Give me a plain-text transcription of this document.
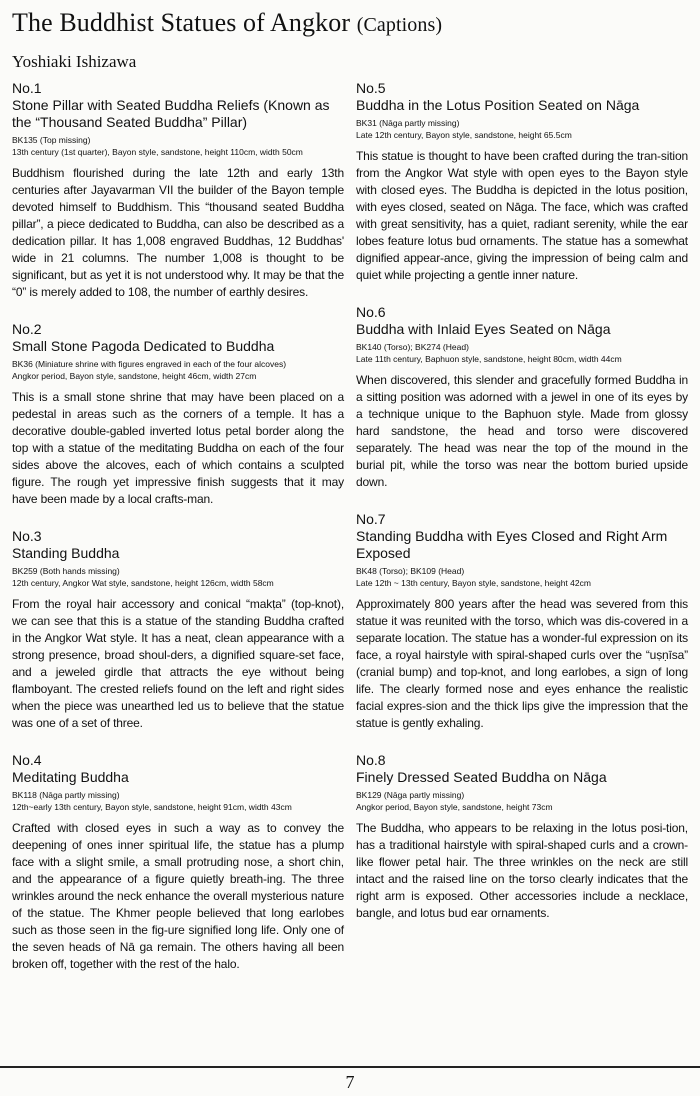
The Buddhist Statues of Angkor (Captions)
Yoshiaki Ishizawa
No.1
Stone Pillar with Seated Buddha Reliefs (Known as the “Thousand Seated Buddha” Pillar)
BK135 (Top missing)
13th century (1st quarter), Bayon style, sandstone, height 110cm, width 50cm
Buddhism flourished during the late 12th and early 13th centuries after Jayavarman VII the builder of the Bayon temple devoted himself to Buddhism. This “thousand seated Buddha pillar”, a piece dedicated to Buddha, can also be described as a dedication pillar. It has 1,008 engraved Buddhas, 12 Buddhas' wide in 21 columns. The number 1,008 is thought to be significant, but as yet it is not understood why. It may be that the “0” is merely added to 108, the number of earthly desires.
No.2
Small Stone Pagoda Dedicated to Buddha
BK36 (Miniature shrine with figures engraved in each of the four alcoves)
Angkor period, Bayon style, sandstone, height 46cm, width 27cm
This is a small stone shrine that may have been placed on a pedestal in areas such as the corners of a temple. It has a decorative double-gabled inverted lotus petal border along the top with a statue of the meditating Buddha on each of the four sides above the alcoves, each of which contains a sculpted figure. The rough yet impressive finish suggests that it may have been made by a local crafts-man.
No.3
Standing Buddha
BK259 (Both hands missing)
12th century, Angkor Wat style, sandstone, height 126cm, width 58cm
From the royal hair accessory and conical “makṭa” (top-knot), we can see that this is a statue of the standing Buddha crafted in the Angkor Wat style. It has a neat, clean appearance with a strong presence, broad shoul-ders, a dignified square-set face, and a jeweled girdle that attracts the eye without being flamboyant. The crested reliefs found on the left and right sides when the piece was unearthed led us to believe that the statue was one of a set of three.
No.4
Meditating Buddha
BK118 (Nāga partly missing)
12th~early 13th century, Bayon style, sandstone, height 91cm, width 43cm
Crafted with closed eyes in such a way as to convey the deepening of ones inner spiritual life, the statue has a plump face with a slight smile, a small protruding nose, a short chin, and the appearance of a figure quietly breath-ing. The three wrinkles around the neck enhance the overall mysterious nature of the statue. The Khmer people believed that long earlobes such as those seen in the fig-ure signified long life. Only one of the seven heads of Nā ga remain. The others having all been broken off, together with the rest of the halo.
No.5
Buddha in the Lotus Position Seated on Nāga
BK31 (Nāga partly missing)
Late 12th century, Bayon style, sandstone, height 65.5cm
This statue is thought to have been crafted during the tran-sition from the Angkor Wat style with open eyes to the Bayon style with closed eyes. The Buddha is depicted in the lotus position, with eyes closed, seated on Nāga. The face, which was crafted with great sensitivity, has a quiet, radiant serenity, while the ear lobes feature lotus bud ornaments. The statue has a somewhat dignified appear-ance, giving the impression of being calm and quiet while projecting a gentle inner nature.
No.6
Buddha with Inlaid Eyes Seated on Nāga
BK140 (Torso); BK274 (Head)
Late 11th century, Baphuon style, sandstone, height 80cm, width 44cm
When discovered, this slender and gracefully formed Buddha in a sitting position was adorned with a jewel in one of its eyes by a technique unique to the Baphuon style. Made from glossy hard sandstone, the head and torso were discovered separately. The head was near the top of the mound in the burial pit, while the torso was near the bottom buried upside down.
No.7
Standing Buddha with Eyes Closed and Right Arm Exposed
BK48 (Torso); BK109 (Head)
Late 12th ~ 13th century, Bayon style, sandstone, height 42cm
Approximately 800 years after the head was severed from this statue it was reunited with the torso, which was dis-covered in a separate location. The statue has a wonder-ful expression on its face, a royal hairstyle with spiral-shaped curls over the “uṣṇīsa” (cranial bump) and top-knot, and long earlobes, a sign of long life. The clearly formed nose and eyes enhance the realistic facial expres-sion and the thick lips give the impression that the statue is gently exhaling.
No.8
Finely Dressed Seated Buddha on Nāga
BK129 (Nāga partly missing)
Angkor period, Bayon style, sandstone, height 73cm
The Buddha, who appears to be relaxing in the lotus posi-tion, has a traditional hairstyle with spiral-shaped curls and a crown-like flower petal hair. The three wrinkles on the neck are still intact and the raised line on the torso clearly indicates that the right arm is exposed. Other accessories include a necklace, bangle, and lotus bud ear ornaments.
7
